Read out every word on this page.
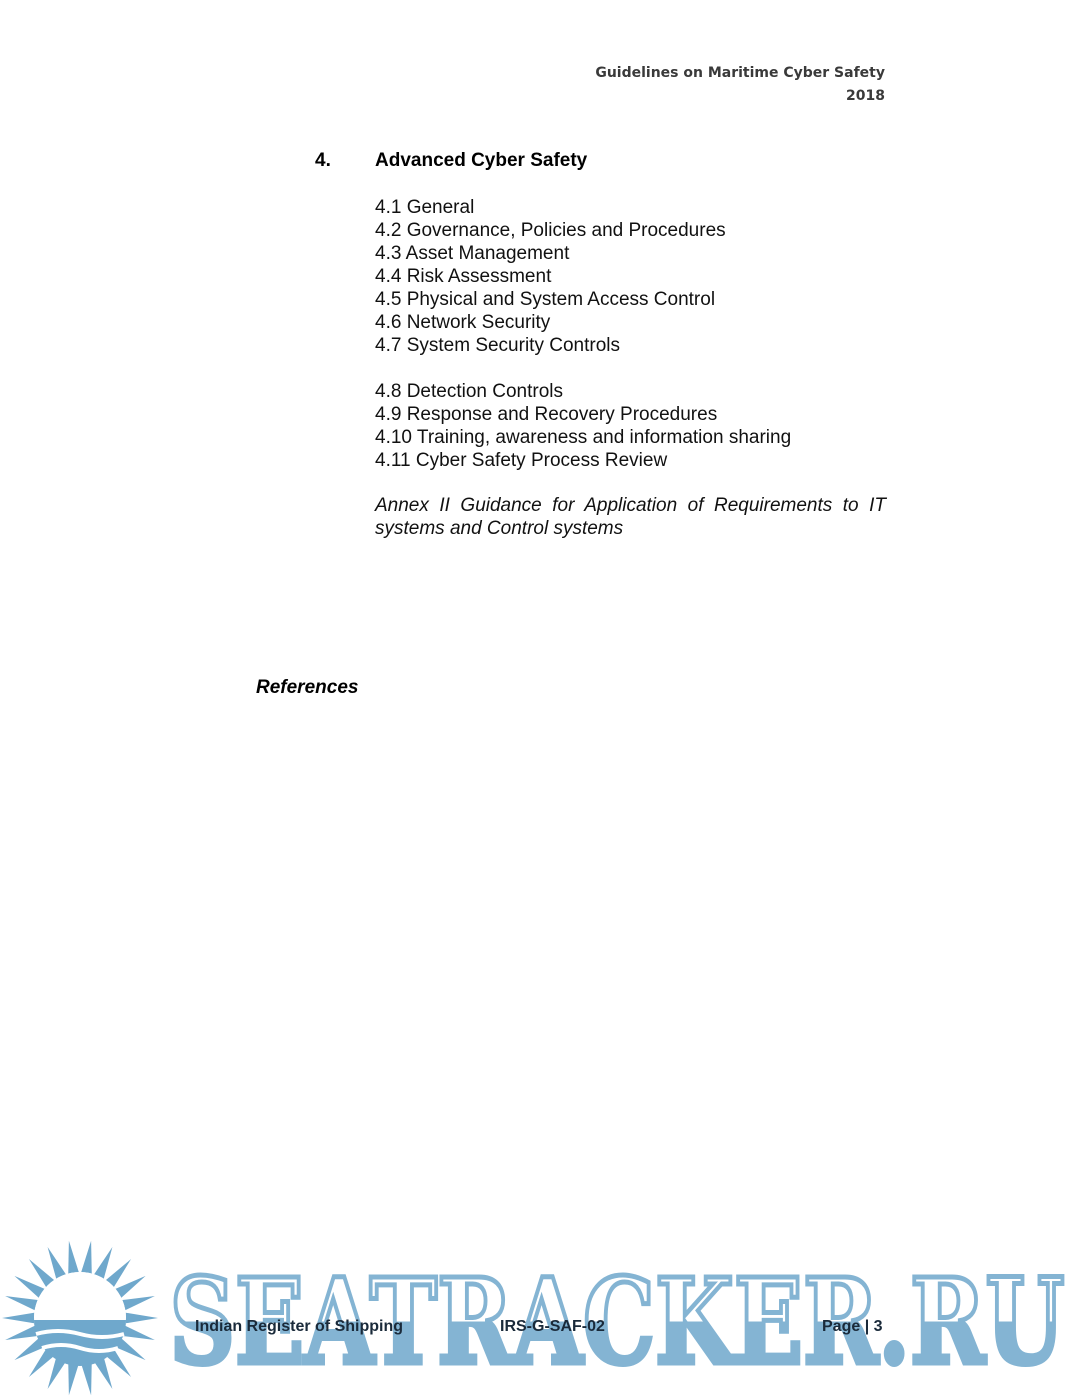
Guidelines on Maritime Cyber Safety
2018
4. Advanced Cyber Safety
4.1 General
4.2 Governance, Policies and Procedures
4.3 Asset Management
4.4 Risk Assessment
4.5 Physical and System Access Control
4.6 Network Security
4.7 System Security Controls
4.8 Detection Controls
4.9 Response and Recovery Procedures
4.10 Training, awareness and information sharing
4.11 Cyber Safety Process Review
Annex II Guidance for Application of Requirements to IT systems and Control systems
References
SEATRACKER.RU
Indian Register of Shipping	IRS-G-SAF-02	Page | 3
